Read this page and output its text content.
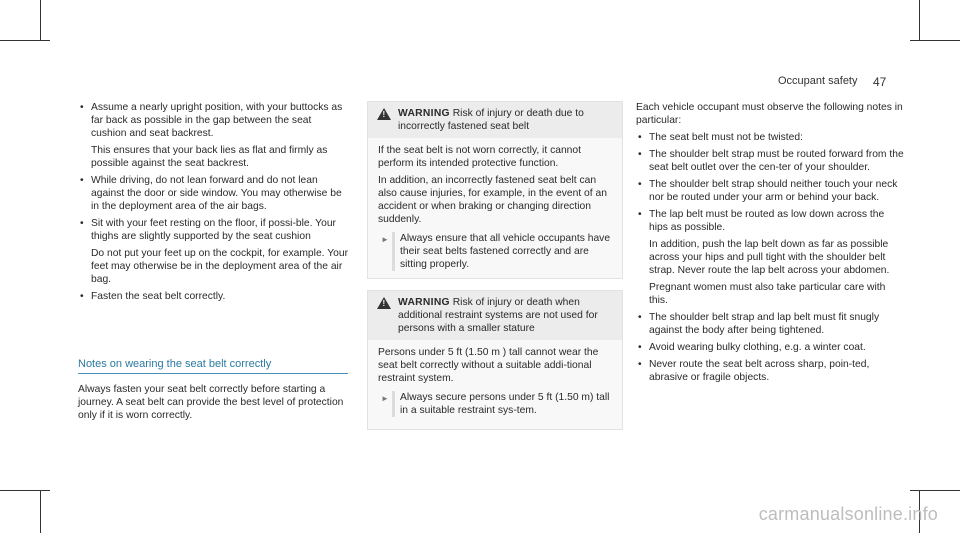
Occupant safety 47
• Assume a nearly upright position, with your buttocks as far back as possible in the gap between the seat cushion and seat backrest.
This ensures that your back lies as flat and firmly as possible against the seat backrest.
• While driving, do not lean forward and do not lean against the door or side window. You may otherwise be in the deployment area of the air bags.
• Sit with your feet resting on the floor, if possi-ble. Your thighs are slightly supported by the seat cushion
Do not put your feet up on the cockpit, for example. Your feet may otherwise be in the deployment area of the air bag.
• Fasten the seat belt correctly.
Notes on wearing the seat belt correctly
Always fasten your seat belt correctly before starting a journey. A seat belt can provide the best level of protection only if it is worn correctly.
! WARNING Risk of injury or death due to incorrectly fastened seat belt

If the seat belt is not worn correctly, it cannot perform its intended protective function.

In addition, an incorrectly fastened seat belt can also cause injuries, for example, in the event of an accident or when braking or changing direction suddenly.

► Always ensure that all vehicle occupants have their seat belts fastened correctly and are sitting properly.
! WARNING Risk of injury or death when additional restraint systems are not used for persons with a smaller stature

Persons under 5 ft (1.50 m ) tall cannot wear the seat belt correctly without a suitable addi-tional restraint system.

► Always secure persons under 5 ft (1.50 m) tall in a suitable restraint sys-tem.

Each vehicle occupant must observe the following notes in particular:

• The seat belt must not be twisted:
• The shoulder belt strap must be routed forward from the seat belt outlet over the cen-ter of your shoulder.
• The shoulder belt strap should neither touch your neck nor be routed under your arm or behind your back.
• The lap belt must be routed as low down across the hips as possible.
In addition, push the lap belt down as far as possible across your hips and pull tight with the shoulder belt strap. Never route the lap belt across your abdomen.
Pregnant women must also take particular care with this.
• The shoulder belt strap and lap belt must fit snugly against the body after being tightened.
• Avoid wearing bulky clothing, e.g. a winter coat.
• Never route the seat belt across sharp, poin-ted, abrasive or fragile objects.
carmanualsonline.info
